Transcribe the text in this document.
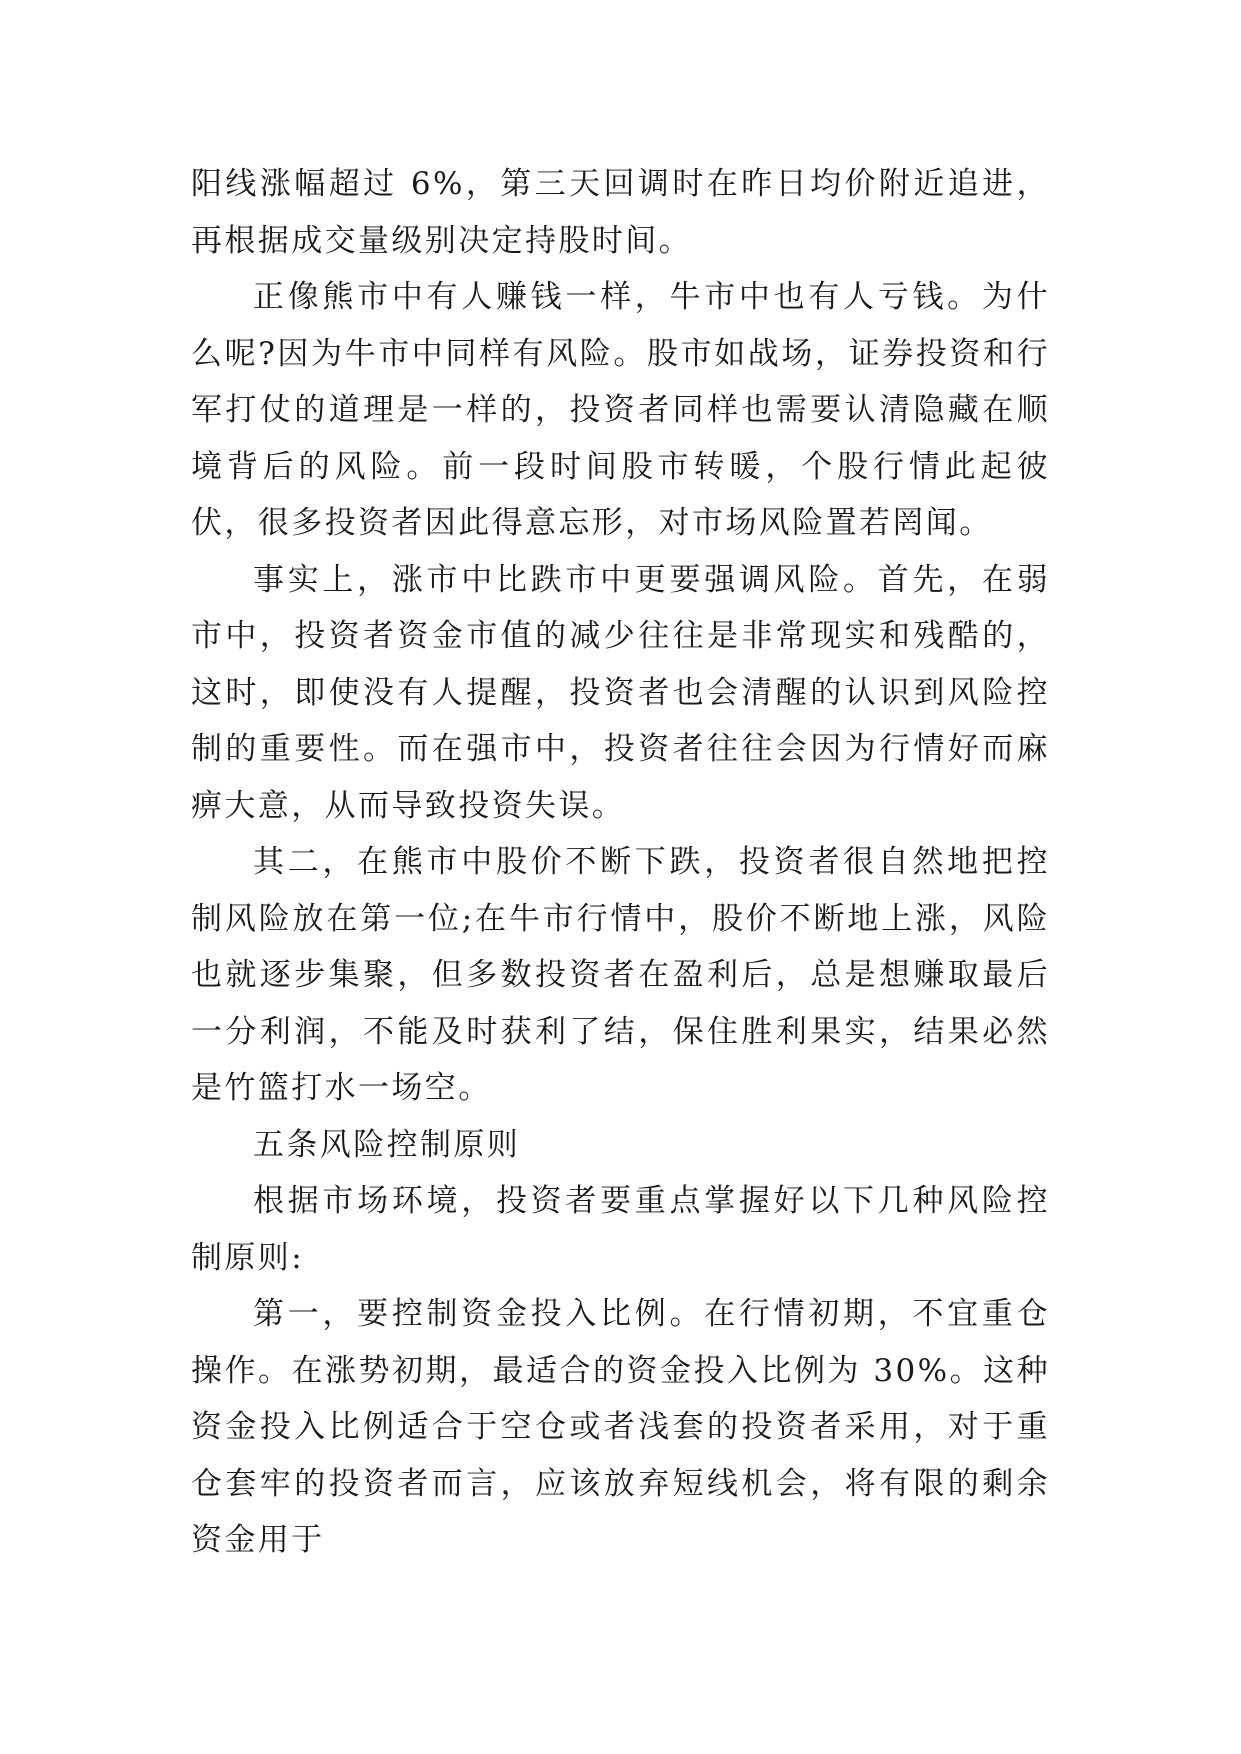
阳线涨幅超过 6%，第三天回调时在昨日均价附近追进，再根据成交量级别决定持股时间。

正像熊市中有人赚钱一样，牛市中也有人亏钱。为什么呢?因为牛市中同样有风险。股市如战场，证券投资和行军打仗的道理是一样的，投资者同样也需要认清隐藏在顺境背后的风险。前一段时间股市转暖，个股行情此起彼伏，很多投资者因此得意忘形，对市场风险置若罔闻。

事实上，涨市中比跌市中更要强调风险。首先，在弱市中，投资者资金市值的减少往往是非常现实和残酷的，这时，即使没有人提醒，投资者也会清醒的认识到风险控制的重要性。而在强市中，投资者往往会因为行情好而麻痹大意，从而导致投资失误。

其二，在熊市中股价不断下跌，投资者很自然地把控制风险放在第一位;在牛市行情中，股价不断地上涨，风险也就逐步集聚，但多数投资者在盈利后，总是想赚取最后一分利润，不能及时获利了结，保住胜利果实，结果必然是竹篮打水一场空。

五条风险控制原则

根据市场环境，投资者要重点掌握好以下几种风险控制原则:

第一，要控制资金投入比例。在行情初期，不宜重仓操作。在涨势初期，最适合的资金投入比例为 30%。这种资金投入比例适合于空仓或者浅套的投资者采用，对于重仓套牢的投资者而言，应该放弃短线机会，将有限的剩余资金用于
